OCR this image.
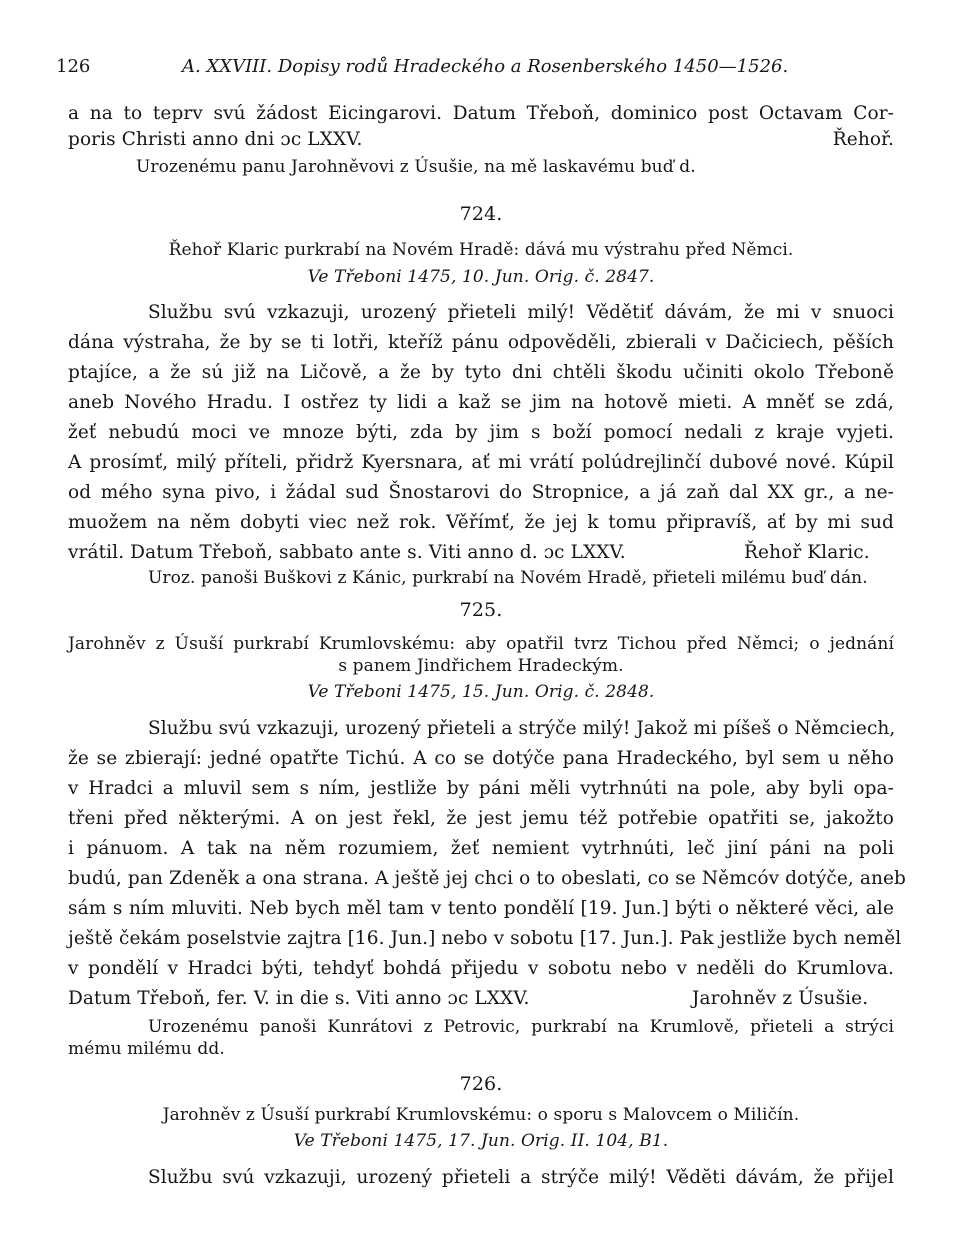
126	A. XXVIII. Dopisy rodů Hradeckého a Rosenberského 1450—1526.
a na to teprv svú žádost Eicingarovi. Datum Třeboň, dominico post Octavam Cor-
poris Christi anno dni ɔc LXXV.	Řehoř.
Urozenému panu Jarohněvovi z Úsušie, na mě laskavému buď d.
724.
Řehoř Klaric purkrabí na Novém Hradě: dává mu výstrahu před Němci.
Ve Třeboni 1475, 10. Jun. Orig. č. 2847.
Službu svú vzkazuji, urozený přieteli milý! Vědětiť dávám, že mi v snuoci
dána výstraha, že by se ti lotři, kteříž pánu odpověděli, zbierali v Dačiciech, pěších
ptajíce, a že sú již na Ličově, a že by tyto dni chtěli škodu učiniti okolo Třeboně
aneb Nového Hradu. I ostřez ty lidi a kaž se jim na hotově mieti. A mněť se zdá,
žeť nebudú moci ve mnoze býti, zda by jim s boží pomocí nedali z kraje vyjeti.
A prosímť, milý příteli, přidrž Kyersnara, ať mi vrátí polúdrejlinčí dubové nové. Kúpil
od mého syna pivo, i žádal sud Šnostarovi do Stropnice, a já zaň dal XX gr., a ne-
muožem na něm dobyti viec než rok. Věřímť, že jej k tomu připravíš, ať by mi sud
vrátil. Datum Třeboň, sabbato ante s. Viti anno d. ɔc LXXV.	Řehoř Klaric.
Uroz. panoši Buškovi z Kánic, purkrabí na Novém Hradě, přieteli milému buď dán.
725.
Jarohněv z Úsuší purkrabí Krumlovskému: aby opatřil tvrz Tichou před Němci; o jednání
s panem Jindřichem Hradeckým.
Ve Třeboni 1475, 15. Jun. Orig. č. 2848.
Službu svú vzkazuji, urozený přieteli a strýče milý! Jakož mi píšeš o Němciech,
že se zbierají: jedné opatřte Tichú. A co se dotýče pana Hradeckého, byl sem u něho
v Hradci a mluvil sem s ním, jestliže by páni měli vytrhnúti na pole, aby byli opa-
třeni před některými. A on jest řekl, že jest jemu též potřebie opatřiti se, jakožto
i pánuom. A tak na něm rozumiem, žeť nemient vytrhnúti, leč jiní páni na poli
budú, pan Zdeněk a ona strana. A ještě jej chci o to obeslati, co se Němcóv dotýče, aneb
sám s ním mluviti. Neb bych měl tam v tento pondělí [19. Jun.] býti o některé věci, ale
ještě čekám poselstvie zajtra [16. Jun.] nebo v sobotu [17. Jun.]. Pak jestliže bych neměl
v pondělí v Hradci býti, tehdyť bohdá přijedu v sobotu nebo v neděli do Krumlova.
Datum Třeboň, fer. V. in die s. Viti anno ɔc LXXV.	Jarohněv z Úsušie.
Urozenému panoši Kunrátovi z Petrovic, purkrabí na Krumlově, přieteli a strýci
mému milému dd.
726.
Jarohněv z Úsuší purkrabí Krumlovskému: o sporu s Malovcem o Miličín.
Ve Třeboni 1475, 17. Jun. Orig. II. 104, B1.
Službu svú vzkazuji, urozený přieteli a strýče milý! Vědĕti dávám, že přijel
